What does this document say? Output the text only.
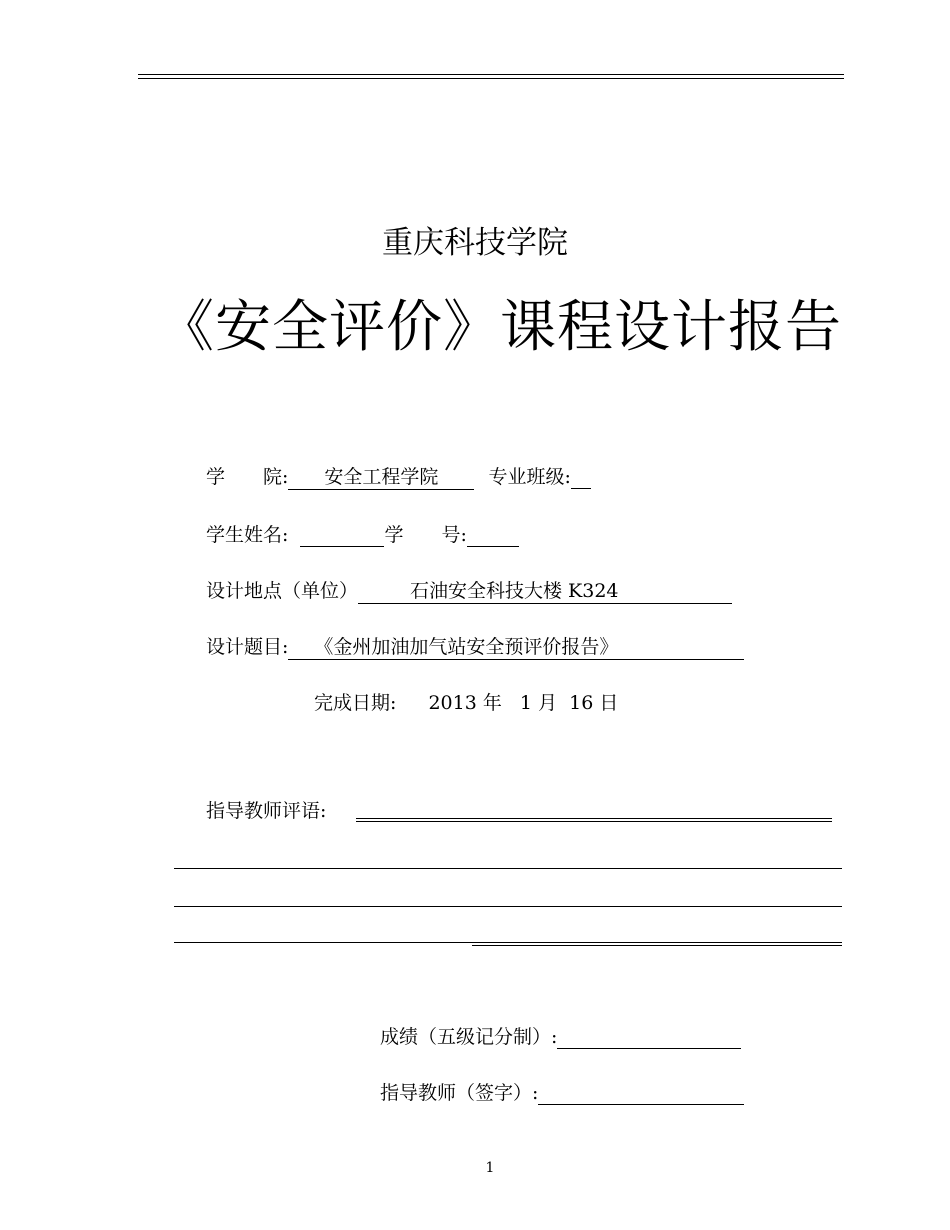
重庆科技学院
《安全评价》课程设计报告
学　　院: 安全工程学院	专业班级:
学生姓名:	学　　号:
设计地点（单位）	石油安全科技大楼 K324
设计题目: 《金州加油加气站安全预评价报告》
完成日期: 2013 年 1 月 16 日
指导教师评语:
成绩（五级记分制）:
指导教师（签字）:
1
